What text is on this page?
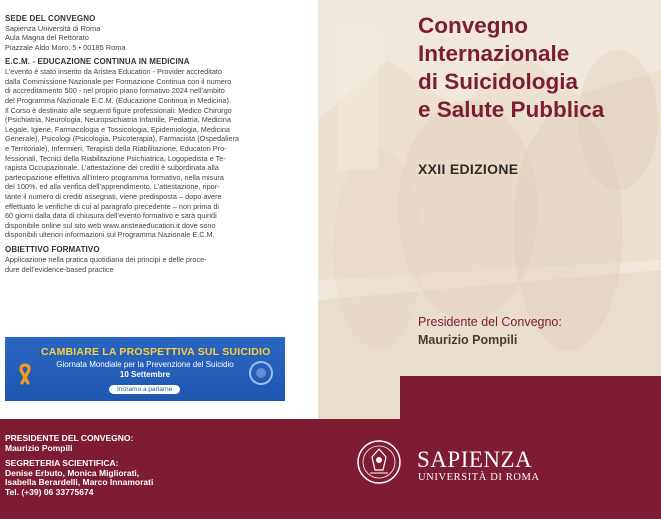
SEDE DEL CONVEGNO
Sapienza Università di Roma
Aula Magna del Rettorato
Piazzale Aldo Moro, 5 • 00185 Roma
E.C.M. - EDUCAZIONE CONTINUA IN MEDICINA
L’evento è stato inserito da Aristea Education - Provider accreditato
dalla Commissione Nazionale per Formazione Continua con il numero
di accreditamento 500 - nel proprio piano formativo 2024 nell’ambito
del Programma Nazionale E.C.M. (Educazione Continua in Medicina).
Il Corso è destinato alle seguenti figure professionali: Medico Chirurgo
(Psichiatria, Neurologia, Neuropsichiatria Infantile, Pediatria, Medicina
Legale, Igiene, Farmacologia e Tossicologia, Epidemiologia, Medicina
Generale), Psicologi (Psicologia, Psicoterapia), Farmacista (Ospedaliera
e Territoriale), Infermieri, Terapisti della Riabilitazione, Educatori Pro-
fessionali, Tecnici della Riabilitazione Psichiatrica, Logopedista e Te-
rapista Occupazionale. L’attestazione dei crediti è subordinata alla
partecipazione effettiva all’intero programma formativo, nella misura
del 100%, ed alla verifica dell’apprendimento. L’attestazione, ripor-
tante il numero di crediti assegnati, viene predisposta – dopo avere
effettuato le verifiche di cui al paragrafo precedente – non prima di
60 giorni dalla data di chiusura dell’evento formativo e sarà quindi
disponibile online sul sito web www.aristeaeducation.it dove sono
disponibili ulteriori informazioni sul Programma Nazionale E.C.M.
OBIETTIVO FORMATIVO
Applicazione nella pratica quotidiana dei principi e delle proce-
dure dell’evidence-based practice
CAMBIARE LA PROSPETTIVA SUL SUICIDIO
Giornata Mondiale per la Prevenzione del Suicidio
10 Settembre
Iniziamo a parlarne
Convegno
Internazionale
di Suicidologia
e Salute Pubblica
XXII EDIZIONE
Presidente del Convegno:
Maurizio Pompili
PRESIDENTE DEL CONVEGNO:
Maurizio Pompili
SEGRETERIA SCIENTIFICA:
Denise Erbuto, Monica Migliorati,
Isabella Berardelli, Marco Innamorati
Tel. (+39) 06 33775674
SAPIENZA
UNIVERSITÀ DI ROMA
